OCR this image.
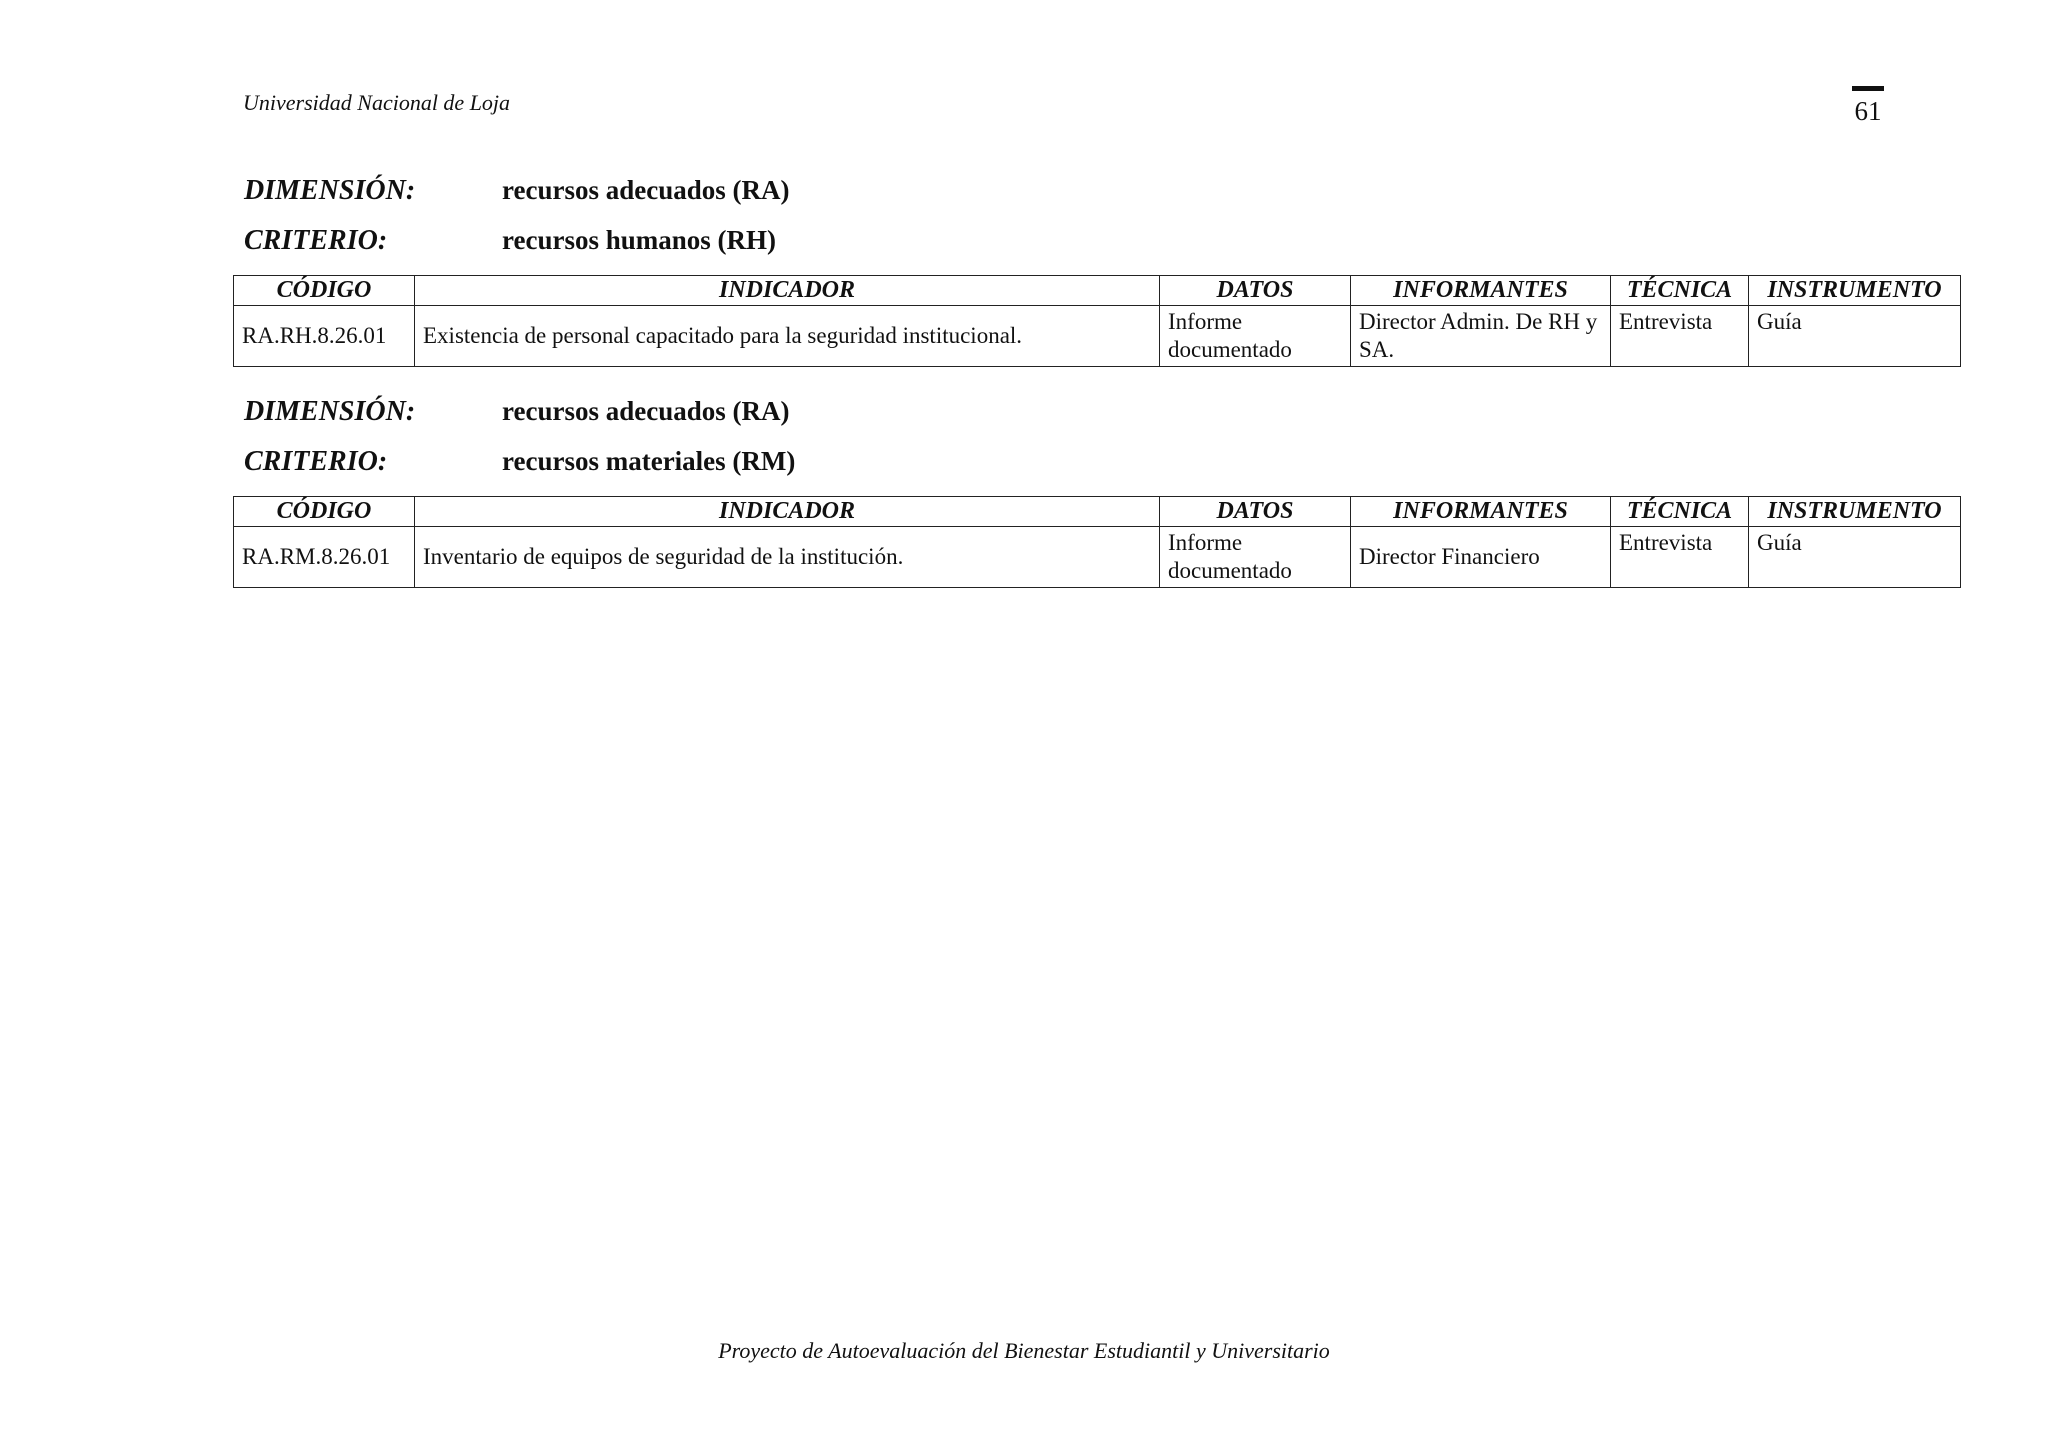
Universidad Nacional de Loja	61
DIMENSIÓN:	recursos adecuados (RA)
CRITERIO:	recursos humanos (RH)
CÓDIGO	INDICADOR	DATOS	INFORMANTES	TÉCNICA	INSTRUMENTO
RA.RH.8.26.01	Existencia de personal capacitado para la seguridad institucional.	Informe documentado	Director Admin. De RH y SA.	Entrevista	Guía
DIMENSIÓN:	recursos adecuados (RA)
CRITERIO:	recursos materiales (RM)
CÓDIGO	INDICADOR	DATOS	INFORMANTES	TÉCNICA	INSTRUMENTO
RA.RM.8.26.01	Inventario de equipos de seguridad de la institución.	Informe documentado	Director Financiero	Entrevista	Guía
Proyecto de Autoevaluación del Bienestar Estudiantil y Universitario
